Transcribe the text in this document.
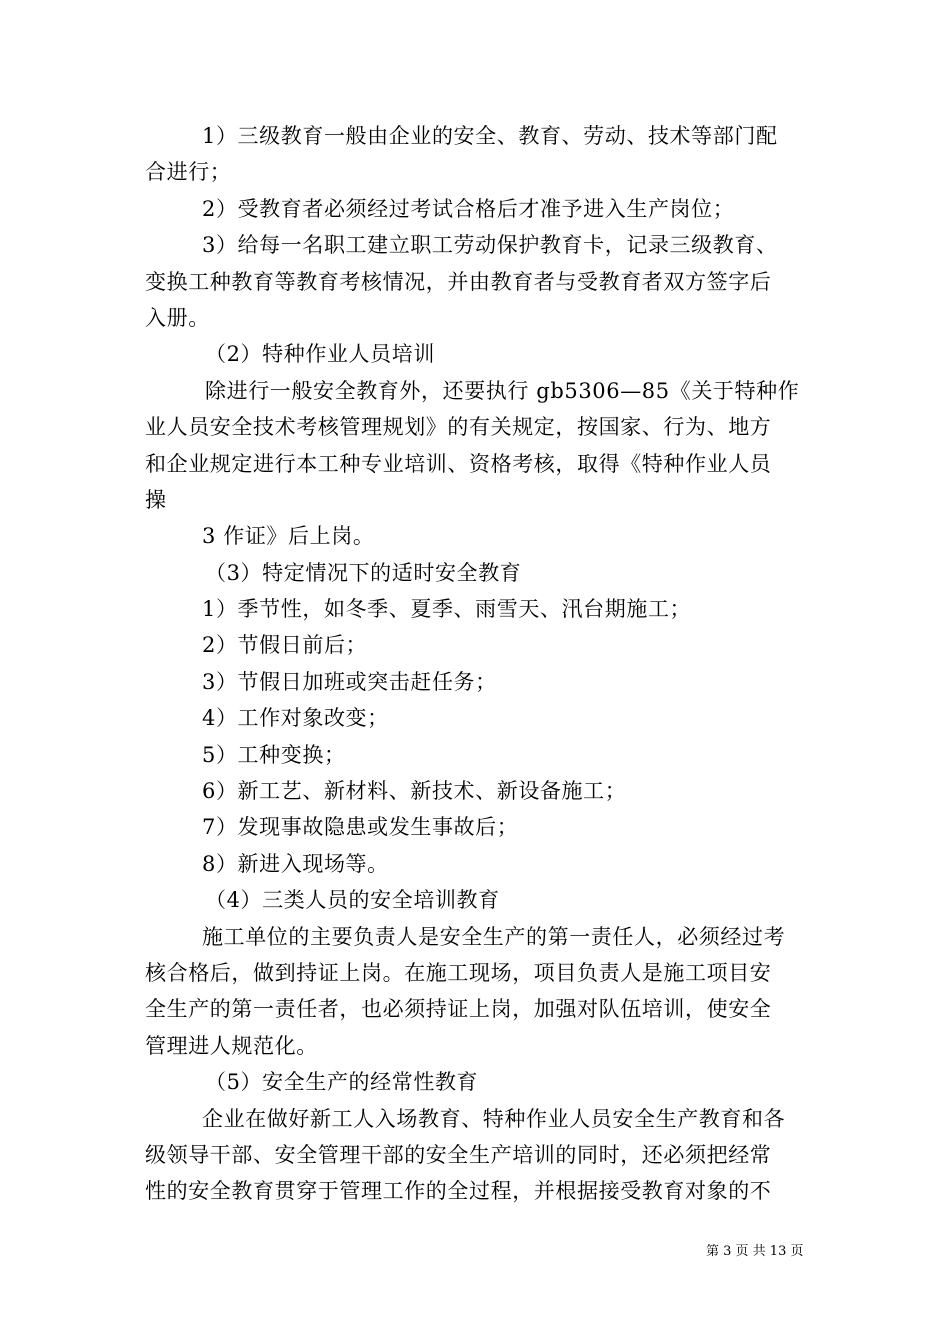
1）三级教育一般由企业的安全、教育、劳动、技术等部门配
合进行；
2）受教育者必须经过考试合格后才准予进入生产岗位；
3）给每一名职工建立职工劳动保护教育卡，记录三级教育、
变换工种教育等教育考核情况，并由教育者与受教育者双方签字后
入册。
（2）特种作业人员培训
除进行一般安全教育外，还要执行 gb5306—85《关于特种作
业人员安全技术考核管理规划》的有关规定，按国家、行为、地方
和企业规定进行本工种专业培训、资格考核，取得《特种作业人员
操
3 作证》后上岗。
（3）特定情况下的适时安全教育
1）季节性，如冬季、夏季、雨雪天、汛台期施工；
2）节假日前后；
3）节假日加班或突击赶任务；
4）工作对象改变；
5）工种变换；
6）新工艺、新材料、新技术、新设备施工；
7）发现事故隐患或发生事故后；
8）新进入现场等。
（4）三类人员的安全培训教育
施工单位的主要负责人是安全生产的第一责任人，必须经过考
核合格后，做到持证上岗。在施工现场，项目负责人是施工项目安
全生产的第一责任者，也必须持证上岗，加强对队伍培训，使安全
管理进人规范化。
（5）安全生产的经常性教育
企业在做好新工人入场教育、特种作业人员安全生产教育和各
级领导干部、安全管理干部的安全生产培训的同时，还必须把经常
性的安全教育贯穿于管理工作的全过程，并根据接受教育对象的不
第 3 页 共 13 页
